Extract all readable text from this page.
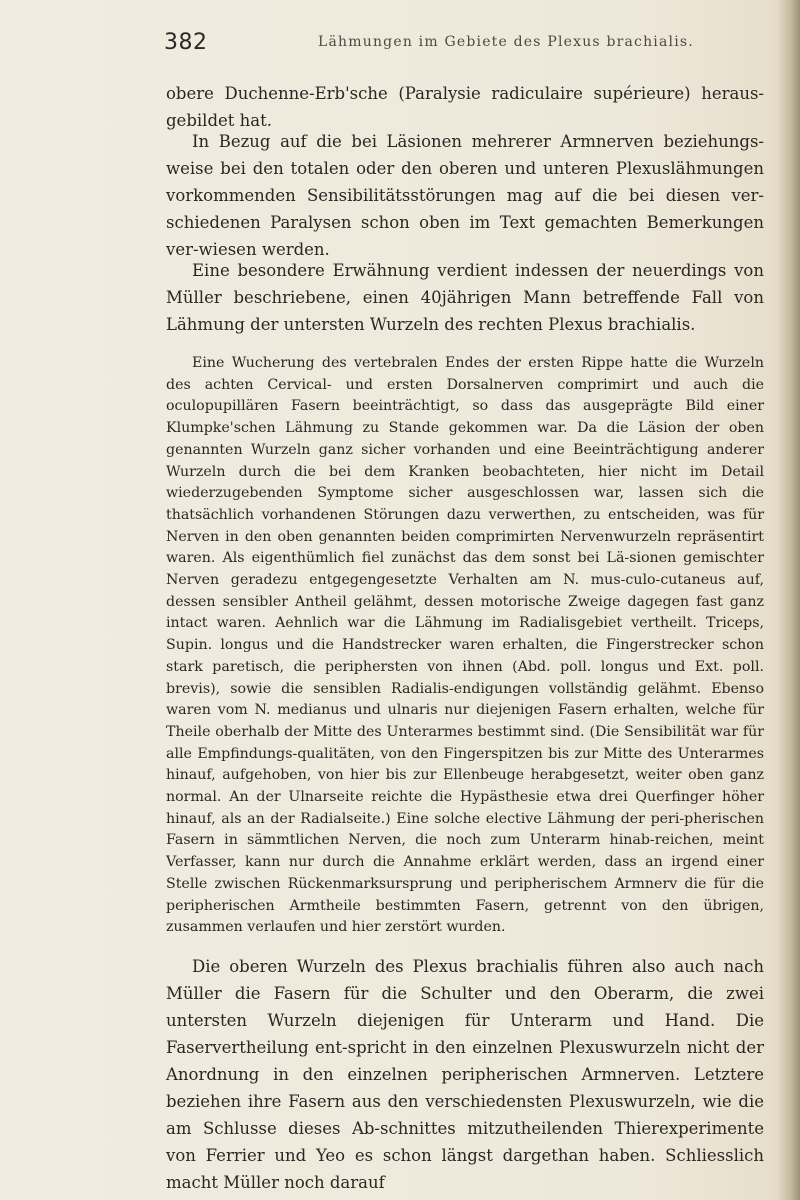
382	Lähmungen im Gebiete des Plexus brachialis.

obere Duchenne-Erb'sche (Paralysie radiculaire supérieure) heraus-gebildet hat.

In Bezug auf die bei Läsionen mehrerer Armnerven beziehungs-weise bei den totalen oder den oberen und unteren Plexuslähmungen vorkommenden Sensibilitätsstörungen mag auf die bei diesen ver-schiedenen Paralysen schon oben im Text gemachten Bemerkungen ver-wiesen werden.

Eine besondere Erwähnung verdient indessen der neuerdings von Müller beschriebene, einen 40jährigen Mann betreffende Fall von Lähmung der untersten Wurzeln des rechten Plexus brachialis.

Eine Wucherung des vertebralen Endes der ersten Rippe hatte die Wurzeln des achten Cervical- und ersten Dorsalnerven comprimirt und auch die oculopupillären Fasern beeinträchtigt, so dass das ausgeprägte Bild einer Klumpke'schen Lähmung zu Stande gekommen war. Da die Läsion der oben genannten Wurzeln ganz sicher vorhanden und eine Beeinträchtigung anderer Wurzeln durch die bei dem Kranken beobachteten, hier nicht im Detail wiederzugebenden Symptome sicher ausgeschlossen war, lassen sich die thatsächlich vorhandenen Störungen dazu verwerthen, zu entscheiden, was für Nerven in den oben genannten beiden comprimirten Nervenwurzeln repräsentirt waren. Als eigenthümlich fiel zunächst das dem sonst bei Lä-sionen gemischter Nerven geradezu entgegengesetzte Verhalten am N. mus-culo-cutaneus auf, dessen sensibler Antheil gelähmt, dessen motorische Zweige dagegen fast ganz intact waren. Aehnlich war die Lähmung im Radialisgebiet vertheilt. Triceps, Supin. longus und die Handstrecker waren erhalten, die Fingerstrecker schon stark paretisch, die periphersten von ihnen (Abd. poll. longus und Ext. poll. brevis), sowie die sensiblen Radialis-endigungen vollständig gelähmt. Ebenso waren vom N. medianus und ulnaris nur diejenigen Fasern erhalten, welche für Theile oberhalb der Mitte des Unterarmes bestimmt sind. (Die Sensibilität war für alle Empfindungs-qualitäten, von den Fingerspitzen bis zur Mitte des Unterarmes hinauf, aufgehoben, von hier bis zur Ellenbeuge herabgesetzt, weiter oben ganz normal. An der Ulnarseite reichte die Hypästhesie etwa drei Querfinger höher hinauf, als an der Radialseite.) Eine solche elective Lähmung der peri-pherischen Fasern in sämmtlichen Nerven, die noch zum Unterarm hinab-reichen, meint Verfasser, kann nur durch die Annahme erklärt werden, dass an irgend einer Stelle zwischen Rückenmarksursprung und peripherischem Armnerv die für die peripherischen Armtheile bestimmten Fasern, getrennt von den übrigen, zusammen verlaufen und hier zerstört wurden.

Die oberen Wurzeln des Plexus brachialis führen also auch nach Müller die Fasern für die Schulter und den Oberarm, die zwei untersten Wurzeln diejenigen für Unterarm und Hand. Die Faservertheilung ent-spricht in den einzelnen Plexuswurzeln nicht der Anordnung in den einzelnen peripherischen Armnerven. Letztere beziehen ihre Fasern aus den verschiedensten Plexuswurzeln, wie die am Schlusse dieses Ab-schnittes mitzutheilenden Thierexperimente von Ferrier und Yeo es schon längst dargethan haben. Schliesslich macht Müller noch darauf
